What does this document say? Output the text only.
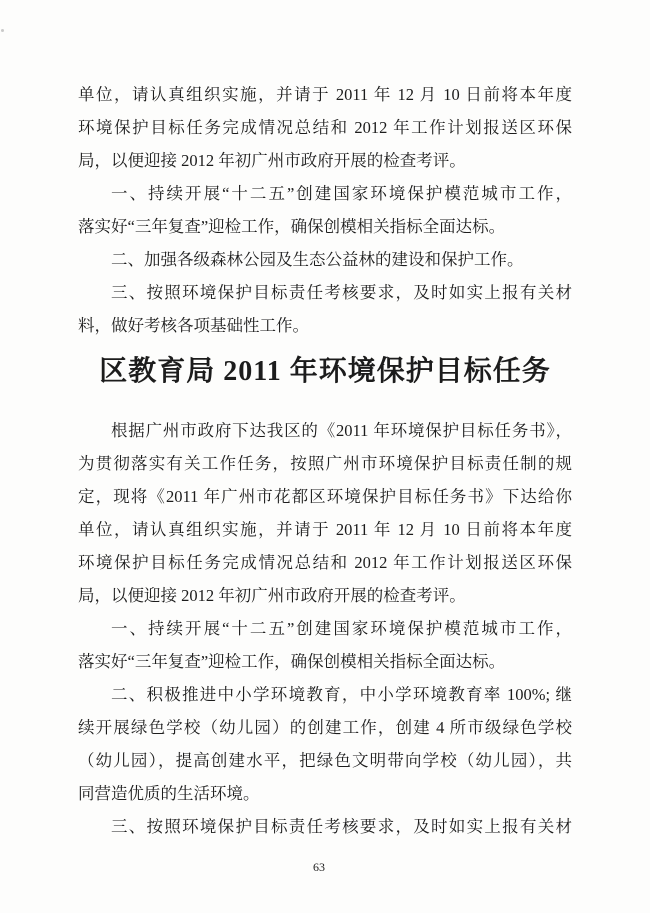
单位，请认真组织实施，并请于 2011 年 12 月 10 日前将本年度
环境保护目标任务完成情况总结和 2012 年工作计划报送区环保
局，以便迎接 2012 年初广州市政府开展的检查考评。
一、持续开展“十二五”创建国家环境保护模范城市工作，
落实好“三年复查”迎检工作，确保创模相关指标全面达标。
二、加强各级森林公园及生态公益林的建设和保护工作。
三、按照环境保护目标责任考核要求，及时如实上报有关材
料，做好考核各项基础性工作。
区教育局 2011 年环境保护目标任务
根据广州市政府下达我区的《2011 年环境保护目标任务书》，
为贯彻落实有关工作任务，按照广州市环境保护目标责任制的规
定，现将《2011 年广州市花都区环境保护目标任务书》下达给你
单位，请认真组织实施，并请于 2011 年 12 月 10 日前将本年度
环境保护目标任务完成情况总结和 2012 年工作计划报送区环保
局，以便迎接 2012 年初广州市政府开展的检查考评。
一、持续开展“十二五”创建国家环境保护模范城市工作，
落实好“三年复查”迎检工作，确保创模相关指标全面达标。
二、积极推进中小学环境教育，中小学环境教育率 100%; 继
续开展绿色学校（幼儿园）的创建工作，创建 4 所市级绿色学校
（幼儿园），提高创建水平，把绿色文明带向学校（幼儿园），共
同营造优质的生活环境。
三、按照环境保护目标责任考核要求，及时如实上报有关材
63
